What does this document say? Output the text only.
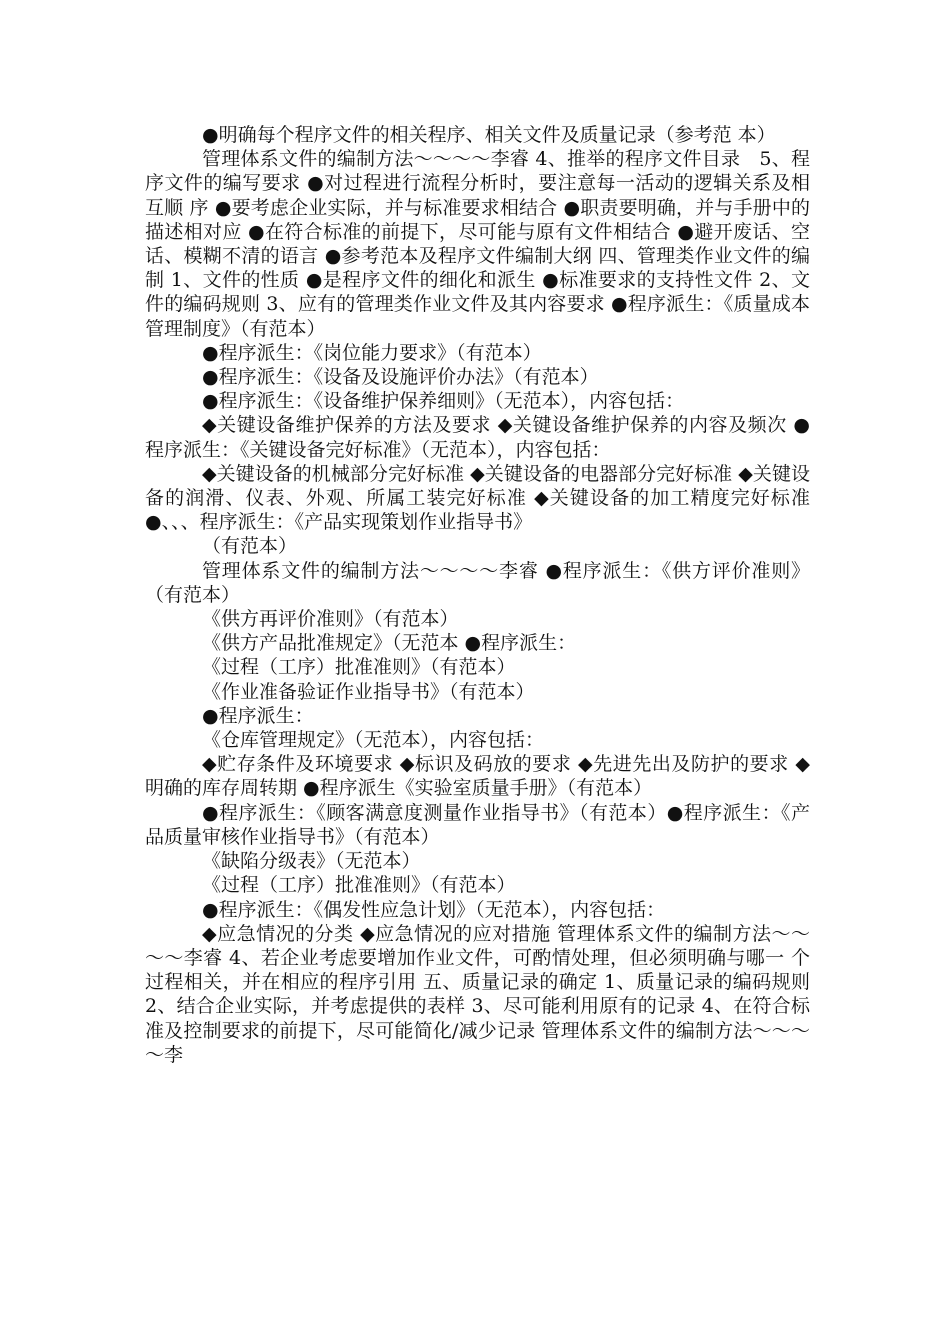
●明确每个程序文件的相关程序、相关文件及质量记录（参考范 本）

管理体系文件的编制方法～～～～李睿 4、推举的程序文件目录　5、程序文件的编写要求 ●对过程进行流程分析时，要注意每一活动的逻辑关系及相互顺 序 ●要考虑企业实际，并与标准要求相结合 ●职责要明确，并与手册中的描述相对应 ●在符合标准的前提下，尽可能与原有文件相结合 ●避开废话、空话、模糊不清的语言 ●参考范本及程序文件编制大纲 四、管理类作业文件的编制 1、文件的性质 ●是程序文件的细化和派生 ●标准要求的支持性文件 2、文件的编码规则 3、应有的管理类作业文件及其内容要求 ●程序派生：《质量成本管理制度》（有范本）

●程序派生：《岗位能力要求》（有范本）

●程序派生：《设备及设施评价办法》（有范本）

●程序派生：《设备维护保养细则》（无范本），内容包括：

◆关键设备维护保养的方法及要求 ◆关键设备维护保养的内容及频次 ●程序派生：《关键设备完好标准》（无范本），内容包括：

◆关键设备的机械部分完好标准 ◆关键设备的电器部分完好标准 ◆关键设备的润滑、仪表、外观、所属工装完好标准 ◆关键设备的加工精度完好标准 ●、、、程序派生：《产品实现策划作业指导书》

（有范本）

管理体系文件的编制方法～～～～李睿 ●程序派生：《供方评价准则》（有范本）

《供方再评价准则》（有范本）

《供方产品批准规定》（无范本 ●程序派生：

《过程（工序）批准准则》（有范本）

《作业准备验证作业指导书》（有范本）

●程序派生：

《仓库管理规定》（无范本），内容包括：

◆贮存条件及环境要求 ◆标识及码放的要求 ◆先进先出及防护的要求 ◆明确的库存周转期 ●程序派生《实验室质量手册》（有范本）

●程序派生：《顾客满意度测量作业指导书》（有范本）●程序派生：《产品质量审核作业指导书》（有范本）

《缺陷分级表》（无范本）

《过程（工序）批准准则》（有范本）

●程序派生：《偶发性应急计划》（无范本），内容包括：

◆应急情况的分类 ◆应急情况的应对措施 管理体系文件的编制方法～～～～李睿 4、若企业考虑要增加作业文件，可酌情处理，但必须明确与哪一 个过程相关，并在相应的程序引用 五、质量记录的确定 1、质量记录的编码规则 2、结合企业实际，并考虑提供的表样 3、尽可能利用原有的记录 4、在符合标准及控制要求的前提下，尽可能简化/减少记录 管理体系文件的编制方法～～～～李
